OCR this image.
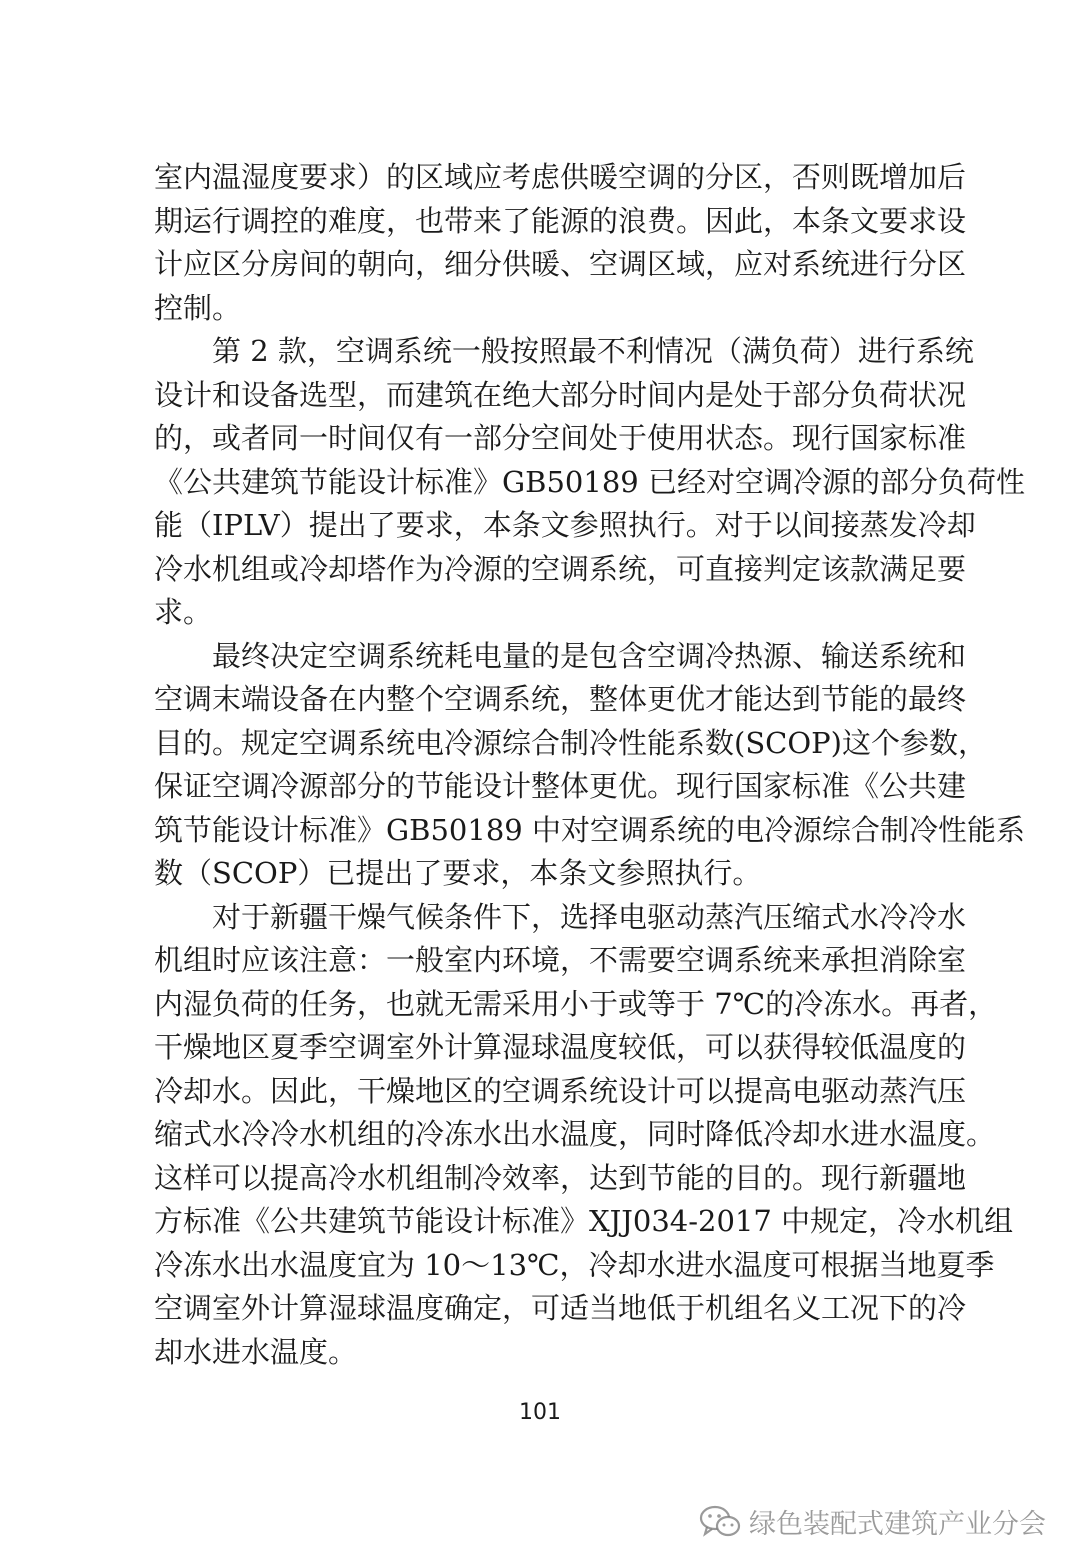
室内温湿度要求）的区域应考虑供暖空调的分区，否则既增加后
期运行调控的难度，也带来了能源的浪费。因此，本条文要求设
计应区分房间的朝向，细分供暖、空调区域，应对系统进行分区
控制。
第 2 款，空调系统一般按照最不利情况（满负荷）进行系统
设计和设备选型，而建筑在绝大部分时间内是处于部分负荷状况
的，或者同一时间仅有一部分空间处于使用状态。现行国家标准
《公共建筑节能设计标准》GB50189 已经对空调冷源的部分负荷性
能（IPLV）提出了要求，本条文参照执行。对于以间接蒸发冷却
冷水机组或冷却塔作为冷源的空调系统，可直接判定该款满足要
求。
最终决定空调系统耗电量的是包含空调冷热源、输送系统和
空调末端设备在内整个空调系统，整体更优才能达到节能的最终
目的。规定空调系统电冷源综合制冷性能系数(SCOP)这个参数，
保证空调冷源部分的节能设计整体更优。现行国家标准《公共建
筑节能设计标准》GB50189 中对空调系统的电冷源综合制冷性能系
数（SCOP）已提出了要求，本条文参照执行。
对于新疆干燥气候条件下，选择电驱动蒸汽压缩式水冷冷水
机组时应该注意：一般室内环境，不需要空调系统来承担消除室
内湿负荷的任务，也就无需采用小于或等于 7℃的冷冻水。再者，
干燥地区夏季空调室外计算湿球温度较低，可以获得较低温度的
冷却水。因此，干燥地区的空调系统设计可以提高电驱动蒸汽压
缩式水冷冷水机组的冷冻水出水温度，同时降低冷却水进水温度。
这样可以提高冷水机组制冷效率，达到节能的目的。现行新疆地
方标准《公共建筑节能设计标准》XJJ034-2017 中规定，冷水机组
冷冻水出水温度宜为 10～13℃，冷却水进水温度可根据当地夏季
空调室外计算湿球温度确定，可适当地低于机组名义工况下的冷
却水进水温度。
101
绿色装配式建筑产业分会
